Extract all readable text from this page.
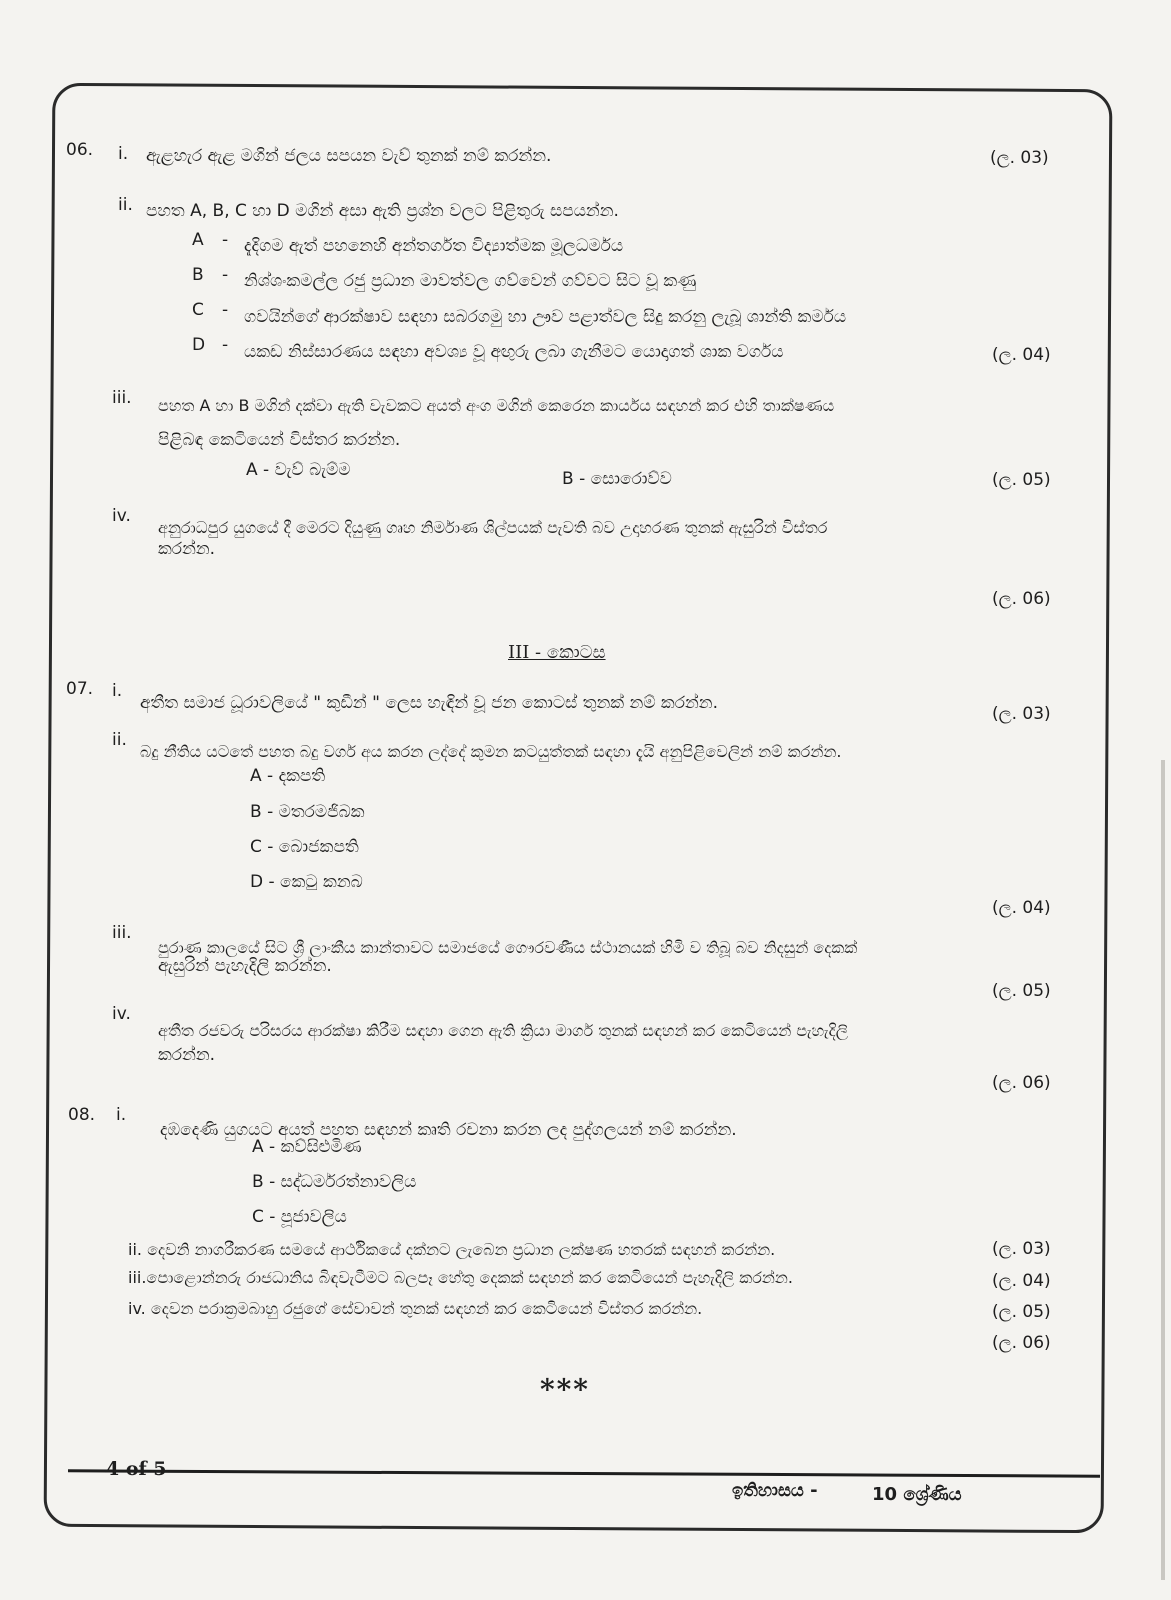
06. i. ඇළහැර ඇළ මගින් ජලය සපයන වැව් තුනක් නම් කරන්න.	(ල. 03)
ii. පහත A, B, C හා D මගින් අසා ඇති ප්‍රශ්න වලට පිළිතුරු සපයන්න.
A - දැදිගම ඇත් පහනෙහි අන්තර්ගත විද්‍යාත්මක මූලධර්මය
B - නිශ්ශංකමල්ල රජු ප්‍රධාන මාවත්වල ගව්වෙන් ගව්වට සිට වූ කණු
C - ගවයින්ගේ ආරක්ෂාව සඳහා සබරගමු හා ඌව පළාත්වල සිදු කරනු ලැබූ ශාන්ති කර්මය
D - යකඩ නිස්සාරණය සඳහා අවශ්‍ය වූ අඟුරු ලබා ගැනීමට යොදාගත් ශාක වර්ගය	(ල. 04)
iii. පහත A හා B මගින් දක්වා ඇති වැවකට අයත් අංග මගින් කෙරෙන කාර්යය සඳහන් කර එහි තාක්ෂණය
පිළිබඳ කෙටියෙන් විස්තර කරන්න.
A - වැව් බැම්ම	B - සොරොව්ව	(ල. 05)
iv.
අනුරාධපුර යුගයේ දී මෙරට දියුණු ගෘහ නිර්මාණ ශිල්පයක් පැවති බව උදාහරණ තුනක් ඇසුරින් විස්තර
කරන්න.
(ල. 06)
III - කොටස
07. i.
අතීත සමාජ ධූරාවලියේ " කුඩීන් " ලෙස හැඳින් වූ ජන කොටස් තුනක් නම් කරන්න.
(ල. 03)
ii.
බදු නීතිය යටතේ පහත බදු වර්ග අය කරන ලද්දේ කුමන කටයුත්තක් සඳහා දැයි අනුපිළිවෙලින් නම් කරන්න.
A - දකපති
B - මතරමජිබක
C - බොජකපති
D - කෙටු කනබ
(ල. 04)
iii.
පුරාණ කාලයේ සිට ශ්‍රී ලාංකීය කාන්තාවට සමාජයේ ගෞරවණීය ස්ථානයක් හිමි ව තිබූ බව නිදසුන් දෙකක්
ඇසුරින් පැහැදිලි කරන්න.
(ල. 05)
iv.
අතීත රජවරු පරිසරය ආරක්ෂා කිරීම සඳහා ගෙන ඇති ක්‍රියා මාර්ග තුනක් සඳහන් කර කෙටියෙන් පැහැදිලි
කරන්න.
(ල. 06)
08. i.
දඹදෙණි යුගයට අයත් පහත සඳහන් කෘති රචනා කරන ලද පුද්ගලයන් නම් කරන්න.
A - කව්සිළුමිණ
B - සද්ධර්මරත්නාවලිය
C - පූජාවලිය
(ල. 03)
ii. දෙවනි නාගරීකරණ සමයේ ආර්ථිකයේ දක්නට ලැබෙන ප්‍රධාන ලක්ෂණ හතරක් සඳහන් කරන්න.
(ල. 04)
iii.පොළොන්නරු රාජධානිය බිඳවැටීමට බලපෑ හේතු දෙකක් සඳහන් කර කෙටියෙන් පැහැදිලි කරන්න.
(ල. 05)
iv. දෙවන පරාක්‍රමබාහු රජුගේ සේවාවන් තුනක් සඳහන් කර කෙටියෙන් විස්තර කරන්න.
(ල. 06)
***
4 of 5
ඉතිහාසය -	10 ශ්‍රේණිය
